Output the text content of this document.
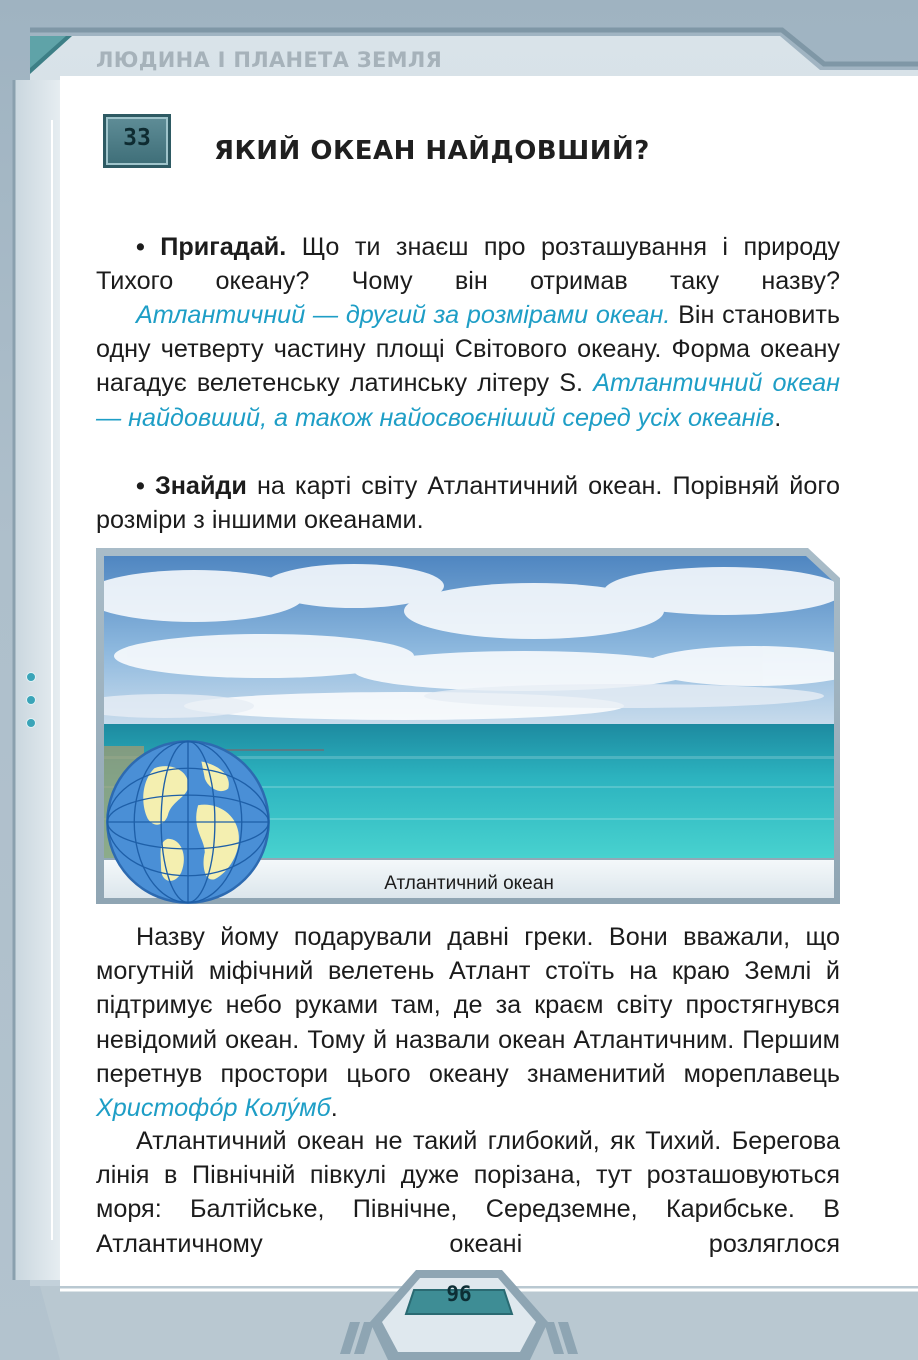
ЛЮДИНА І ПЛАНЕТА ЗЕМЛЯ

33	ЯКИЙ ОКЕАН НАЙДОВШИЙ?

• Пригадай. Що ти знаєш про розташування і природу Тихого океану? Чому він отримав таку назву?

Атлантичний — другий за розмірами океан. Він становить одну четверту частину площі Світового океану. Форма океану нагадує велетенську латинську літеру S. Атлантичний океан — найдовший, а також найосвоєніший серед усіх океанів.

• Знайди на карті світу Атлантичний океан. Порівняй його розміри з іншими океанами.

Атлантичний океан

Назву йому подарували давні греки. Вони вважали, що могутній міфічний велетень Атлант стоїть на краю Землі й підтримує небо руками там, де за краєм світу простягнувся невідомий океан. Тому й назвали океан Атлантичним. Першим перетнув простори цього океану знаменитий мореплавець Христофо́р Колу́мб.

Атлантичний океан не такий глибокий, як Тихий. Берегова лінія в Північній півкулі дуже порізана, тут розташовуються моря: Балтійське, Північне, Середземне, Карибське. В Атлантичному океані розляглося

96
